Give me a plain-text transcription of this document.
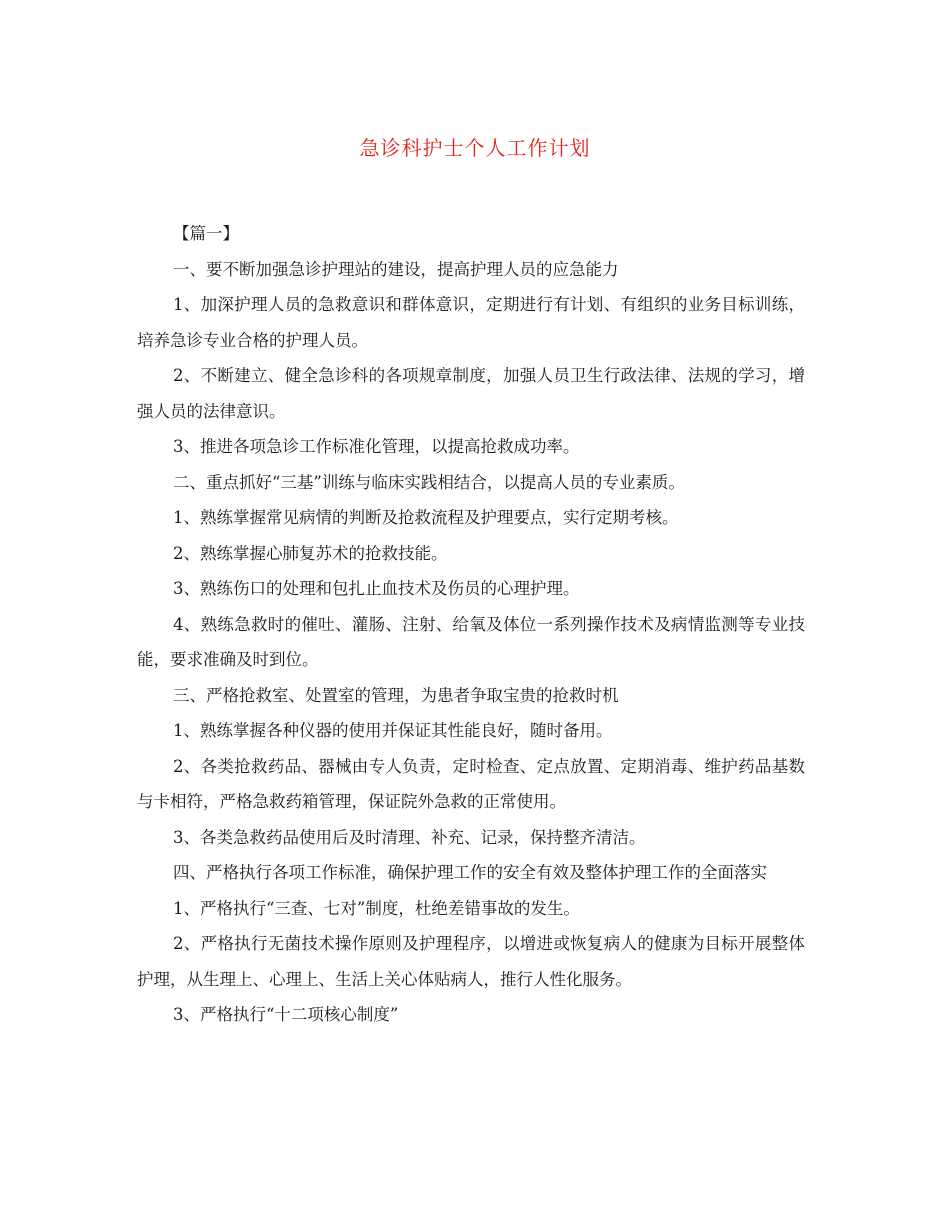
急诊科护士个人工作计划

【篇一】

一、要不断加强急诊护理站的建设，提高护理人员的应急能力

1、加深护理人员的急救意识和群体意识，定期进行有计划、有组织的业务目标训练，培养急诊专业合格的护理人员。

2、不断建立、健全急诊科的各项规章制度，加强人员卫生行政法律、法规的学习，增强人员的法律意识。

3、推进各项急诊工作标准化管理，以提高抢救成功率。

二、重点抓好“三基”训练与临床实践相结合，以提高人员的专业素质。

1、熟练掌握常见病情的判断及抢救流程及护理要点，实行定期考核。

2、熟练掌握心肺复苏术的抢救技能。

3、熟练伤口的处理和包扎止血技术及伤员的心理护理。

4、熟练急救时的催吐、灌肠、注射、给氧及体位一系列操作技术及病情监测等专业技能，要求准确及时到位。

三、严格抢救室、处置室的管理，为患者争取宝贵的抢救时机

1、熟练掌握各种仪器的使用并保证其性能良好，随时备用。

2、各类抢救药品、器械由专人负责，定时检查、定点放置、定期消毒、维护药品基数与卡相符，严格急救药箱管理，保证院外急救的正常使用。

3、各类急救药品使用后及时清理、补充、记录，保持整齐清洁。

四、严格执行各项工作标准，确保护理工作的安全有效及整体护理工作的全面落实

1、严格执行“三查、七对”制度，杜绝差错事故的发生。

2、严格执行无菌技术操作原则及护理程序，以增进或恢复病人的健康为目标开展整体护理，从生理上、心理上、生活上关心体贴病人，推行人性化服务。

3、严格执行“十二项核心制度”
